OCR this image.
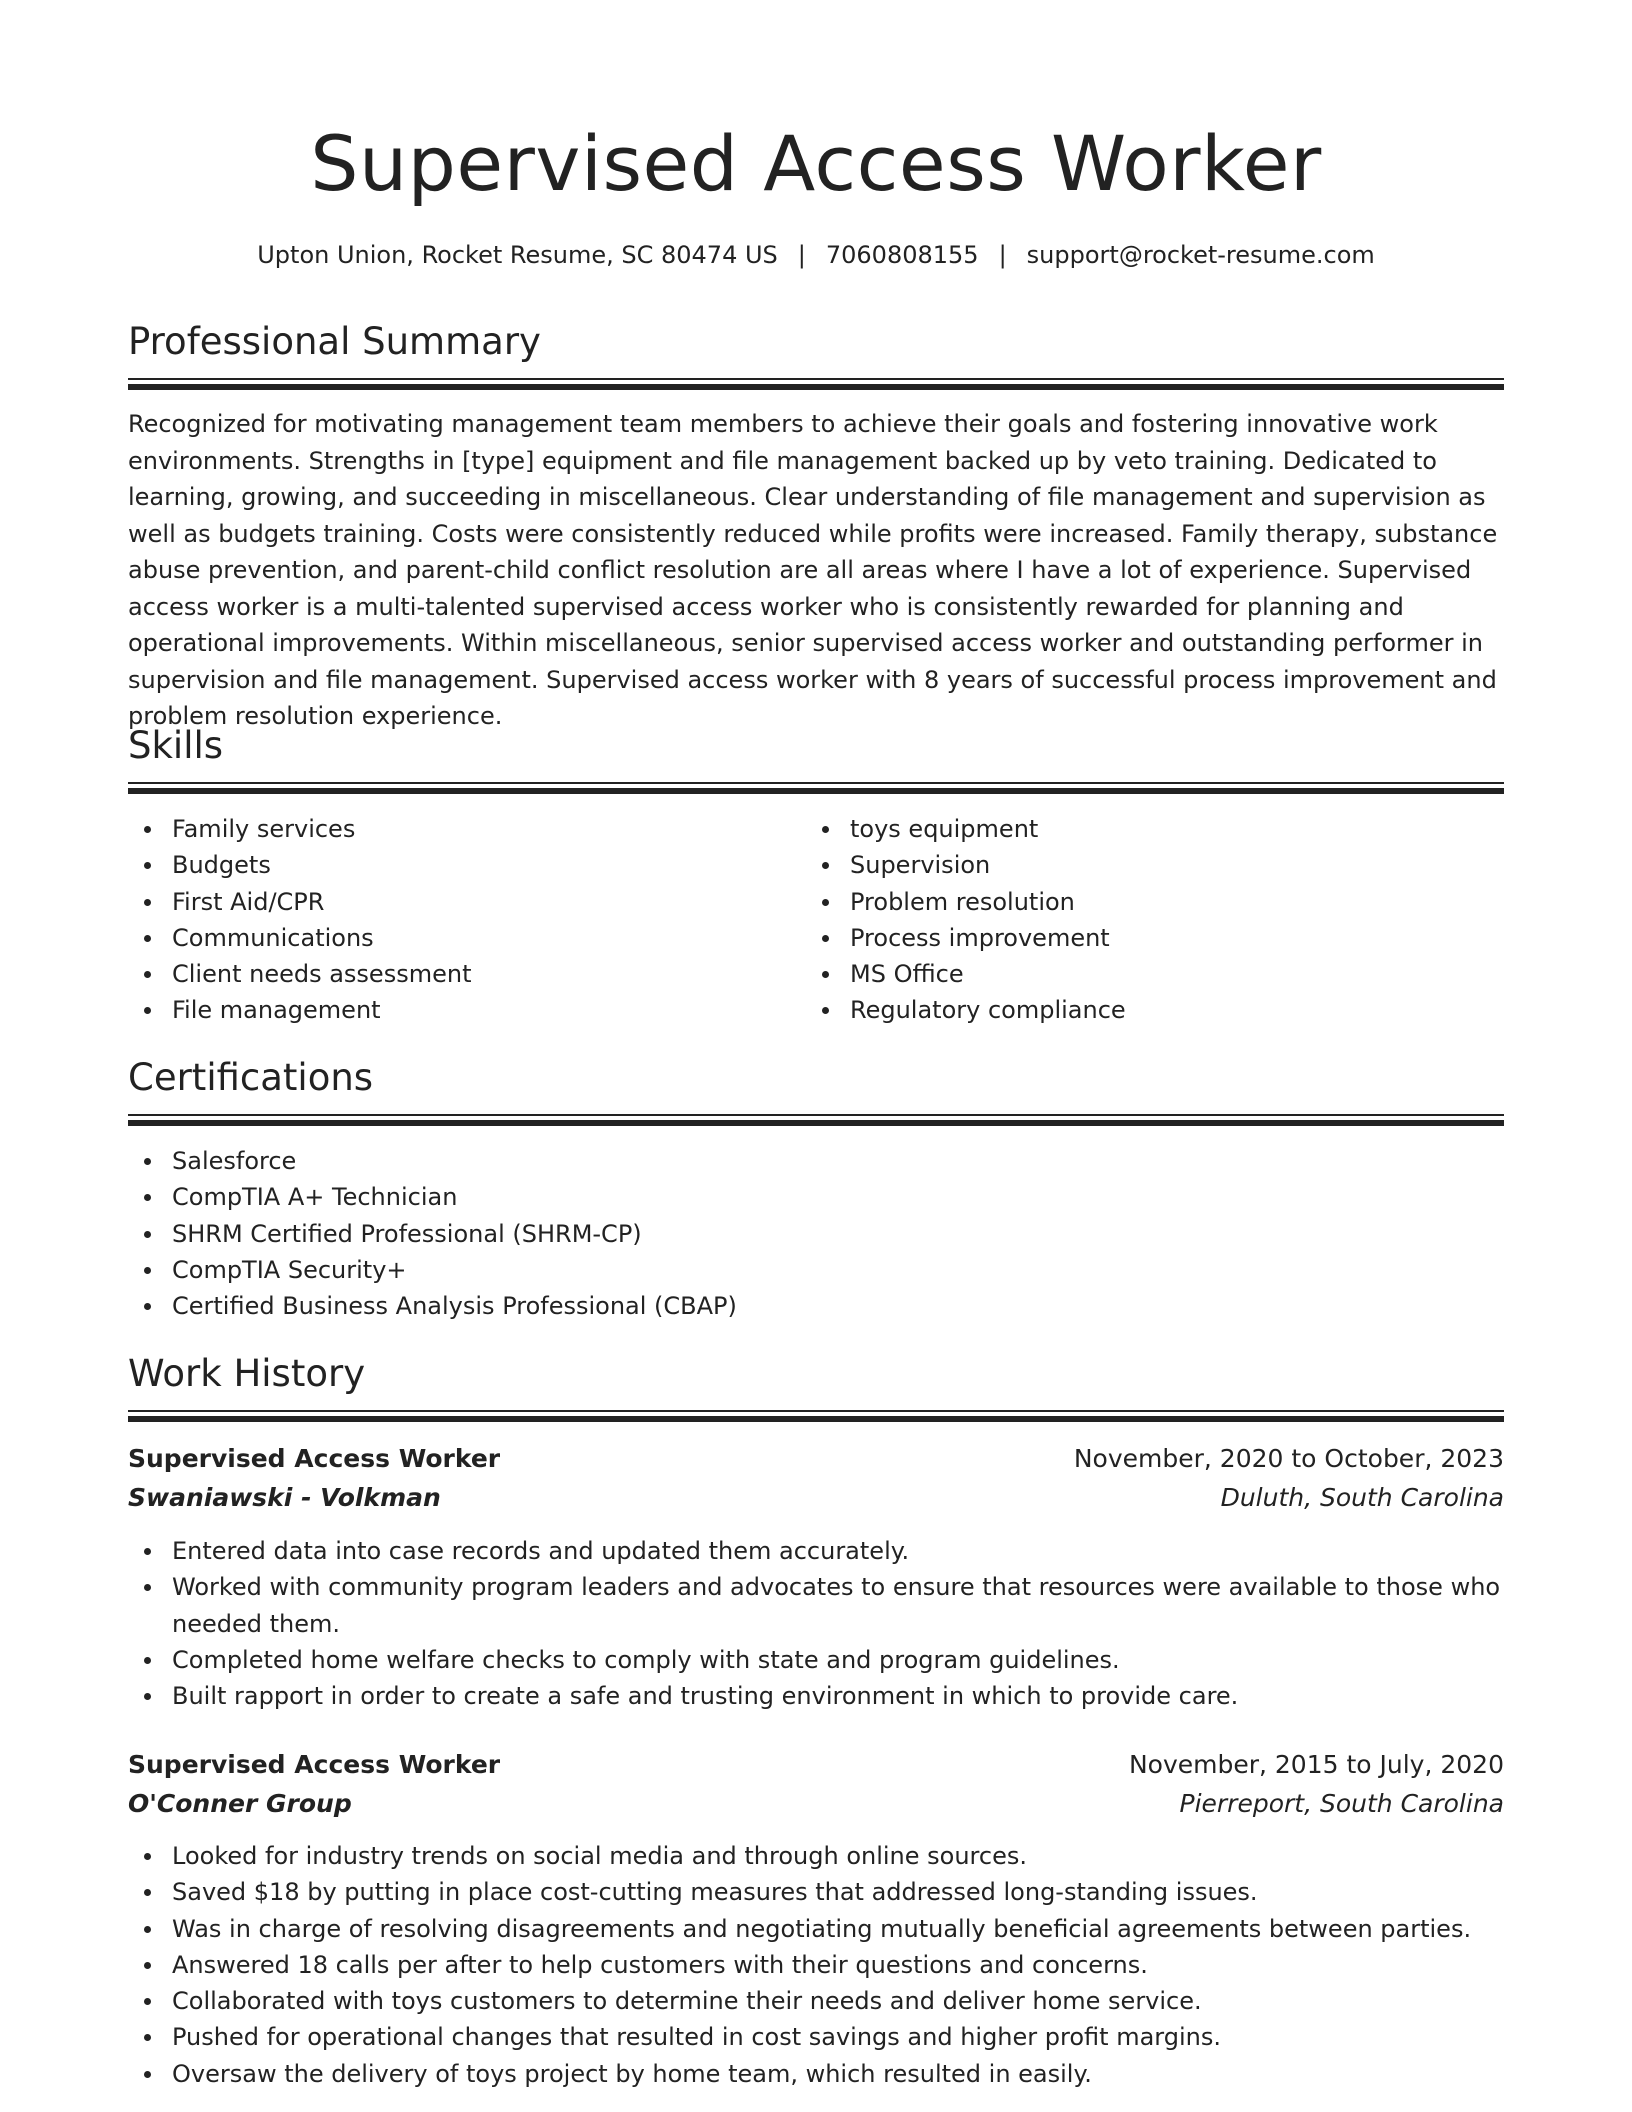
Supervised Access Worker
Upton Union, Rocket Resume, SC 80474 US | 7060808155 | support@rocket-resume.com
Professional Summary
Recognized for motivating management team members to achieve their goals and fostering innovative work environments. Strengths in [type] equipment and file management backed up by veto training. Dedicated to learning, growing, and succeeding in miscellaneous. Clear understanding of file management and supervision as well as budgets training. Costs were consistently reduced while profits were increased. Family therapy, substance abuse prevention, and parent-child conflict resolution are all areas where I have a lot of experience. Supervised access worker is a multi-talented supervised access worker who is consistently rewarded for planning and operational improvements. Within miscellaneous, senior supervised access worker and outstanding performer in supervision and file management. Supervised access worker with 8 years of successful process improvement and problem resolution experience.
Skills
Family services
Budgets
First Aid/CPR
Communications
Client needs assessment
File management
toys equipment
Supervision
Problem resolution
Process improvement
MS Office
Regulatory compliance
Certifications
Salesforce
CompTIA A+ Technician
SHRM Certified Professional (SHRM-CP)
CompTIA Security+
Certified Business Analysis Professional (CBAP)
Work History
Supervised Access Worker	November, 2020 to October, 2023
Swaniawski - Volkman	Duluth, South Carolina
Entered data into case records and updated them accurately.
Worked with community program leaders and advocates to ensure that resources were available to those who needed them.
Completed home welfare checks to comply with state and program guidelines.
Built rapport in order to create a safe and trusting environment in which to provide care.
Supervised Access Worker	November, 2015 to July, 2020
O'Conner Group	Pierreport, South Carolina
Looked for industry trends on social media and through online sources.
Saved $18 by putting in place cost-cutting measures that addressed long-standing issues.
Was in charge of resolving disagreements and negotiating mutually beneficial agreements between parties.
Answered 18 calls per after to help customers with their questions and concerns.
Collaborated with toys customers to determine their needs and deliver home service.
Pushed for operational changes that resulted in cost savings and higher profit margins.
Oversaw the delivery of toys project by home team, which resulted in easily.
